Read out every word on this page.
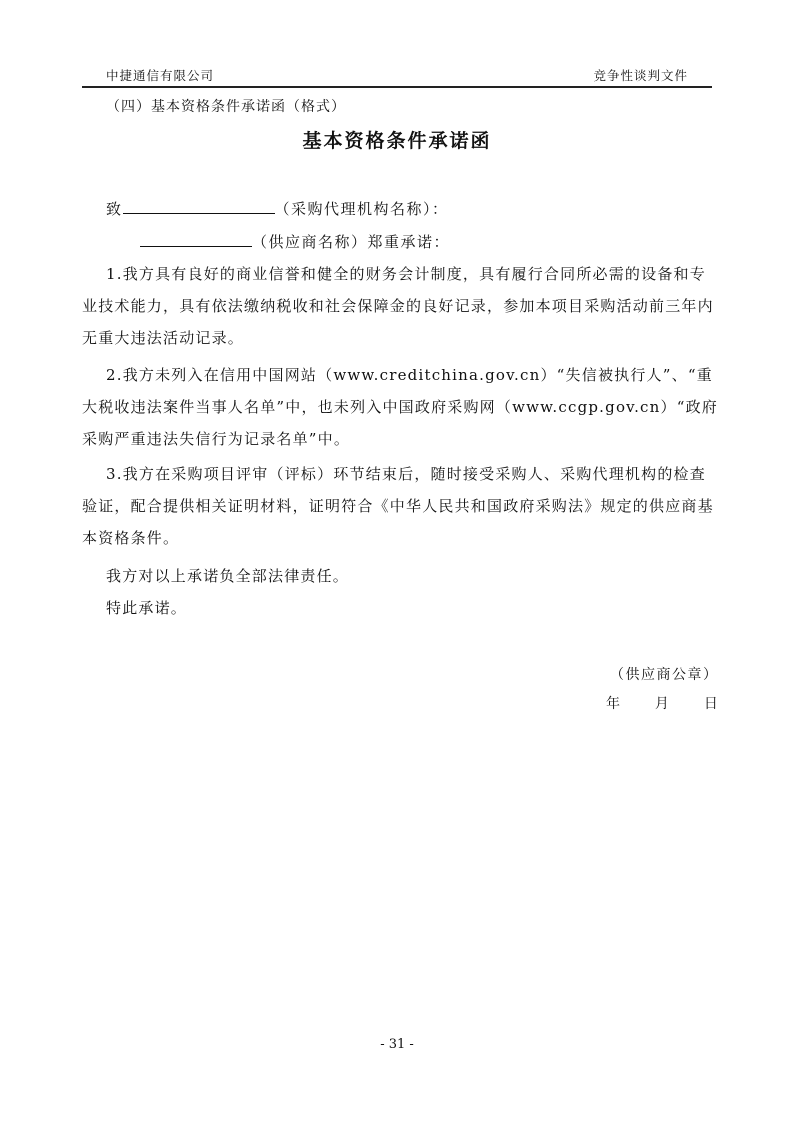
中捷通信有限公司	竞争性谈判文件
（四）基本资格条件承诺函（格式）
基本资格条件承诺函
致	（采购代理机构名称）：
（供应商名称）郑重承诺：
1.我方具有良好的商业信誉和健全的财务会计制度，具有履行合同所必需的设备和专业技术能力，具有依法缴纳税收和社会保障金的良好记录，参加本项目采购活动前三年内无重大违法活动记录。
2.我方未列入在信用中国网站（www.creditchina.gov.cn）“失信被执行人”、“重大税收违法案件当事人名单”中，也未列入中国政府采购网（www.ccgp.gov.cn）“政府采购严重违法失信行为记录名单”中。
3.我方在采购项目评审（评标）环节结束后，随时接受采购人、采购代理机构的检查验证，配合提供相关证明材料，证明符合《中华人民共和国政府采购法》规定的供应商基本资格条件。
我方对以上承诺负全部法律责任。
特此承诺。
（供应商公章）
年 月 日
- 31 -
